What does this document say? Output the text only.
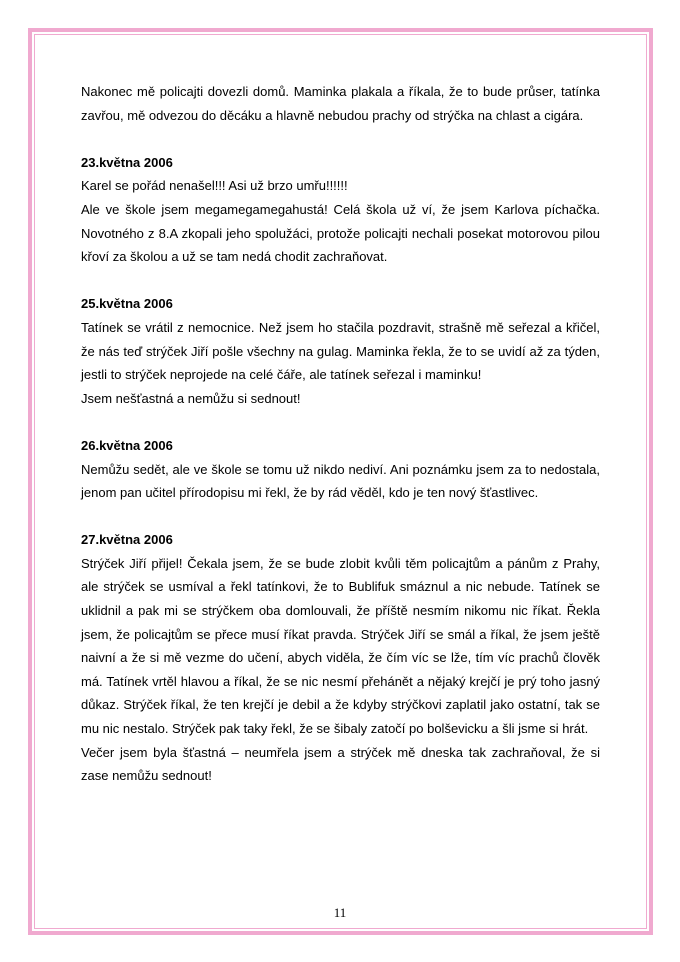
Nakonec mě policajti dovezli domů. Maminka plakala a říkala, že to bude průser, tatínka zavřou, mě odvezou do děcáku a hlavně nebudou prachy od strýčka na chlast a cigára.

23.května 2006

Karel se pořád nenašel!!! Asi už brzo umřu!!!!!!

Ale ve škole jsem megamegamegahustá! Celá škola už ví, že jsem Karlova píchačka. Novotného z 8.A zkopali jeho spolužáci, protože policajti nechali posekat motorovou pilou křoví za školou a už se tam nedá chodit zachraňovat.

25.května 2006

Tatínek se vrátil z nemocnice. Než jsem ho stačila pozdravit, strašně mě seřezal a křičel, že nás teď strýček Jiří pošle všechny na gulag. Maminka řekla, že to se uvidí až za týden, jestli to strýček neprojede na celé čáře, ale tatínek seřezal i maminku!

Jsem nešťastná a nemůžu si sednout!

26.května 2006

Nemůžu sedět, ale ve škole se tomu už nikdo nediví. Ani poznámku jsem za to nedostala, jenom pan učitel přírodopisu mi řekl, že by rád věděl, kdo je ten nový šťastlivec.

27.května 2006

Strýček Jiří přijel! Čekala jsem, že se bude zlobit kvůli těm policajtům a pánům z Prahy, ale strýček se usmíval a řekl tatínkovi, že to Bublifuk smáznul a nic nebude. Tatínek se uklidnil a pak mi se strýčkem oba domlouvali, že příště nesmím nikomu nic říkat. Řekla jsem, že policajtům se přece musí říkat pravda. Strýček Jiří se smál a říkal, že jsem ještě naivní a že si mě vezme do učení, abych viděla, že čím víc se lže, tím víc prachů člověk má. Tatínek vrtěl hlavou a říkal, že se nic nesmí přehánět a nějaký krejčí je prý toho jasný důkaz. Strýček říkal, že ten krejčí je debil a že kdyby strýčkovi zaplatil jako ostatní, tak se mu nic nestalo. Strýček pak taky řekl, že se šibaly zatočí po bolševicku a šli jsme si hrát.

Večer jsem byla šťastná – neumřela jsem a strýček mě dneska tak zachraňoval, že si zase nemůžu sednout!

11
